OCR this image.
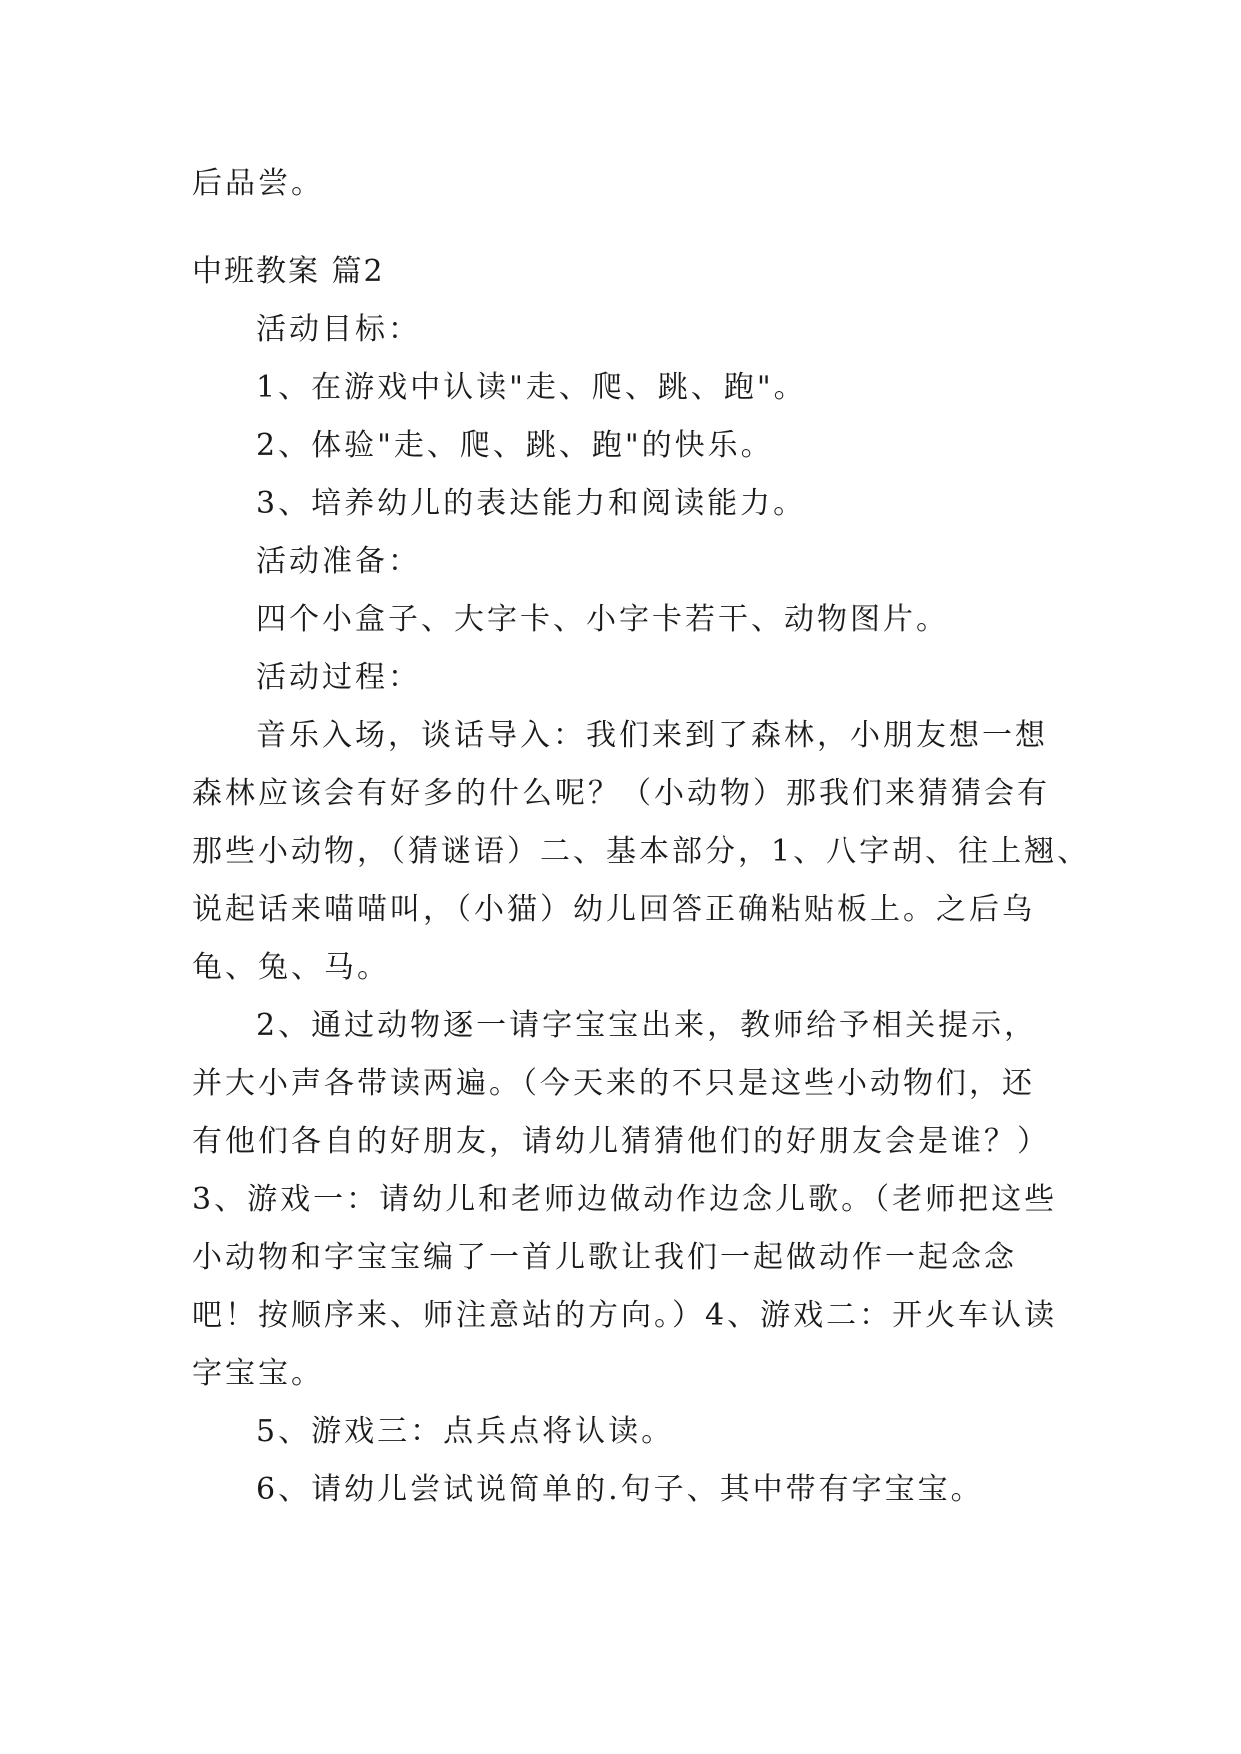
后品尝。

中班教案 篇2

活动目标：

1、在游戏中认读"走、爬、跳、跑"。

2、体验"走、爬、跳、跑"的快乐。

3、培养幼儿的表达能力和阅读能力。

活动准备：

四个小盒子、大字卡、小字卡若干、动物图片。

活动过程：

音乐入场，谈话导入：我们来到了森林，小朋友想一想

森林应该会有好多的什么呢？（小动物）那我们来猜猜会有

那些小动物，（猜谜语）二、基本部分，1、八字胡、往上翘、

说起话来喵喵叫，（小猫）幼儿回答正确粘贴板上。之后乌

龟、兔、马。

2、通过动物逐一请字宝宝出来，教师给予相关提示，

并大小声各带读两遍。（今天来的不只是这些小动物们，还

有他们各自的好朋友，请幼儿猜猜他们的好朋友会是谁？）

3、游戏一：请幼儿和老师边做动作边念儿歌。（老师把这些

小动物和字宝宝编了一首儿歌让我们一起做动作一起念念

吧！按顺序来、师注意站的方向。）4、游戏二：开火车认读

字宝宝。

5、游戏三：点兵点将认读。

6、请幼儿尝试说简单的.句子、其中带有字宝宝。
